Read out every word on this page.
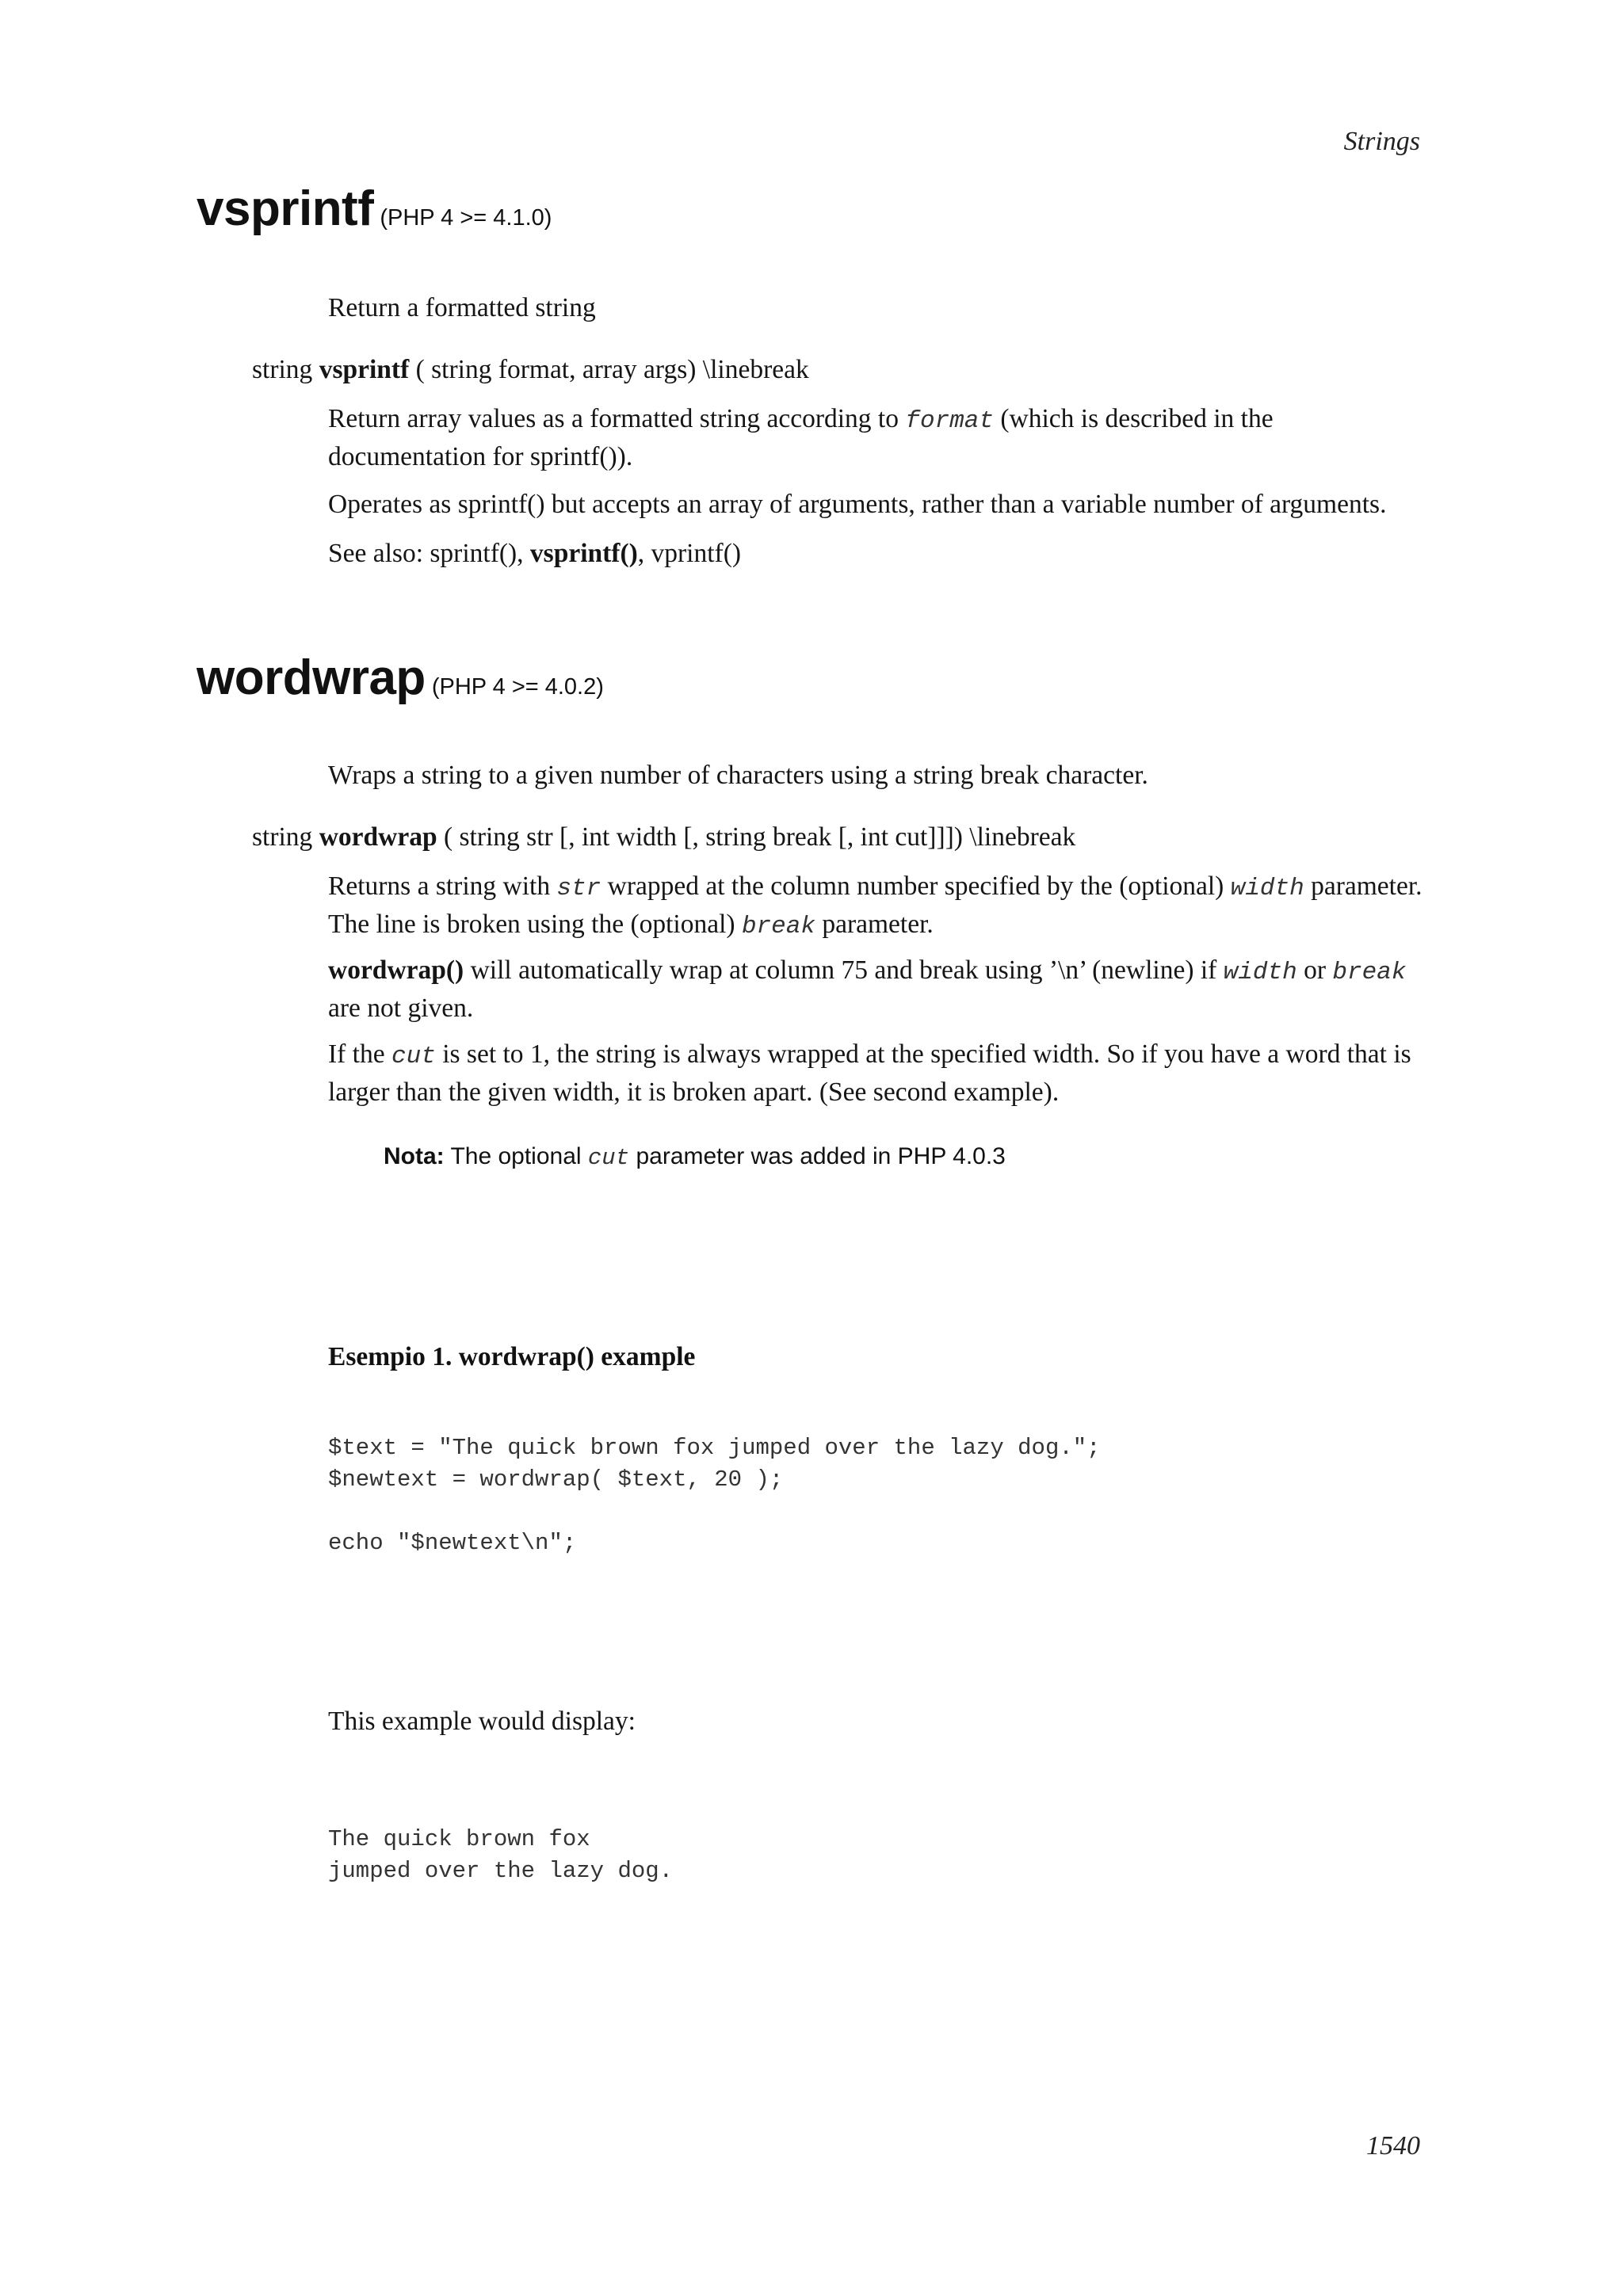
Strings
1540
vsprintf (PHP 4 >= 4.1.0)
Return a formatted string
string vsprintf ( string format, array args) \linebreak
Return array values as a formatted string according to format (which is described in the documentation for sprintf()).
Operates as sprintf() but accepts an array of arguments, rather than a variable number of arguments.
See also: sprintf(), vsprintf(), vprintf()
wordwrap (PHP 4 >= 4.0.2)
Wraps a string to a given number of characters using a string break character.
string wordwrap ( string str [, int width [, string break [, int cut]]]) \linebreak
Returns a string with str wrapped at the column number specified by the (optional) width parameter. The line is broken using the (optional) break parameter.
wordwrap() will automatically wrap at column 75 and break using ’\n’ (newline) if width or break are not given.
If the cut is set to 1, the string is always wrapped at the specified width. So if you have a word that is larger than the given width, it is broken apart. (See second example).
Nota: The optional cut parameter was added in PHP 4.0.3
Esempio 1. wordwrap() example
$text = "The quick brown fox jumped over the lazy dog.";
$newtext = wordwrap( $text, 20 );

echo "$newtext\n";
This example would display:
The quick brown fox
jumped over the lazy dog.
